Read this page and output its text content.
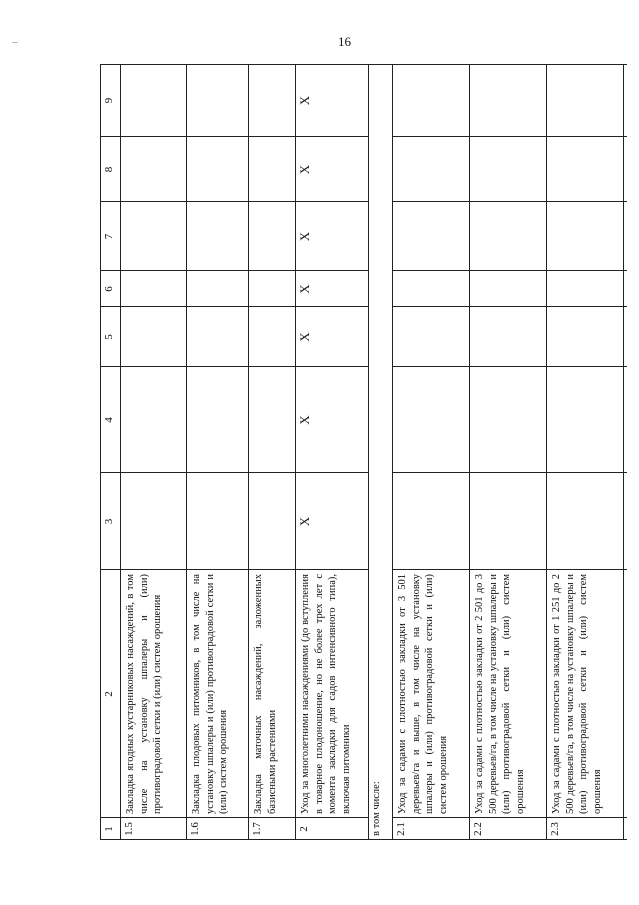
16
1
2
3
4
5
6
7
8
9
1.5
Закладка ягодных кустарниковых насаждений, в том числе на установку шпалеры и (или) противоградовой сетки и (или) систем орошения
1.6
Закладка плодовых питомников, в том числе на установку шпалеры и (или) противоградовой сетки и (или) систем орошения
1.7
Закладка маточных насаждений, заложенных базисными растениями
2
Уход за многолетними насаждениями (до вступления в товарное плодоношение, но не более трех лет с момента закладки для садов интенсивного типа), включая питомники
X
X
X
X
X
X
X
в том числе:	2.1
Уход за садами с плотностью закладки от 3 501 деревьев/га и выше, в том числе на установку шпалеры и (или) противоградовой сетки и (или) систем орошения
2.2
Уход за садами с плотностью закладки от 2 501 до 3 500 деревьев/га, в том числе на установку шпалеры и (или) противоградовой сетки и (или) систем орошения
2.3
Уход за садами с плотностью закладки от 1 251 до 2 500 деревьев/га, в том числе на установку шпалеры и (или) противоградовой сетки и (или) систем орошения
